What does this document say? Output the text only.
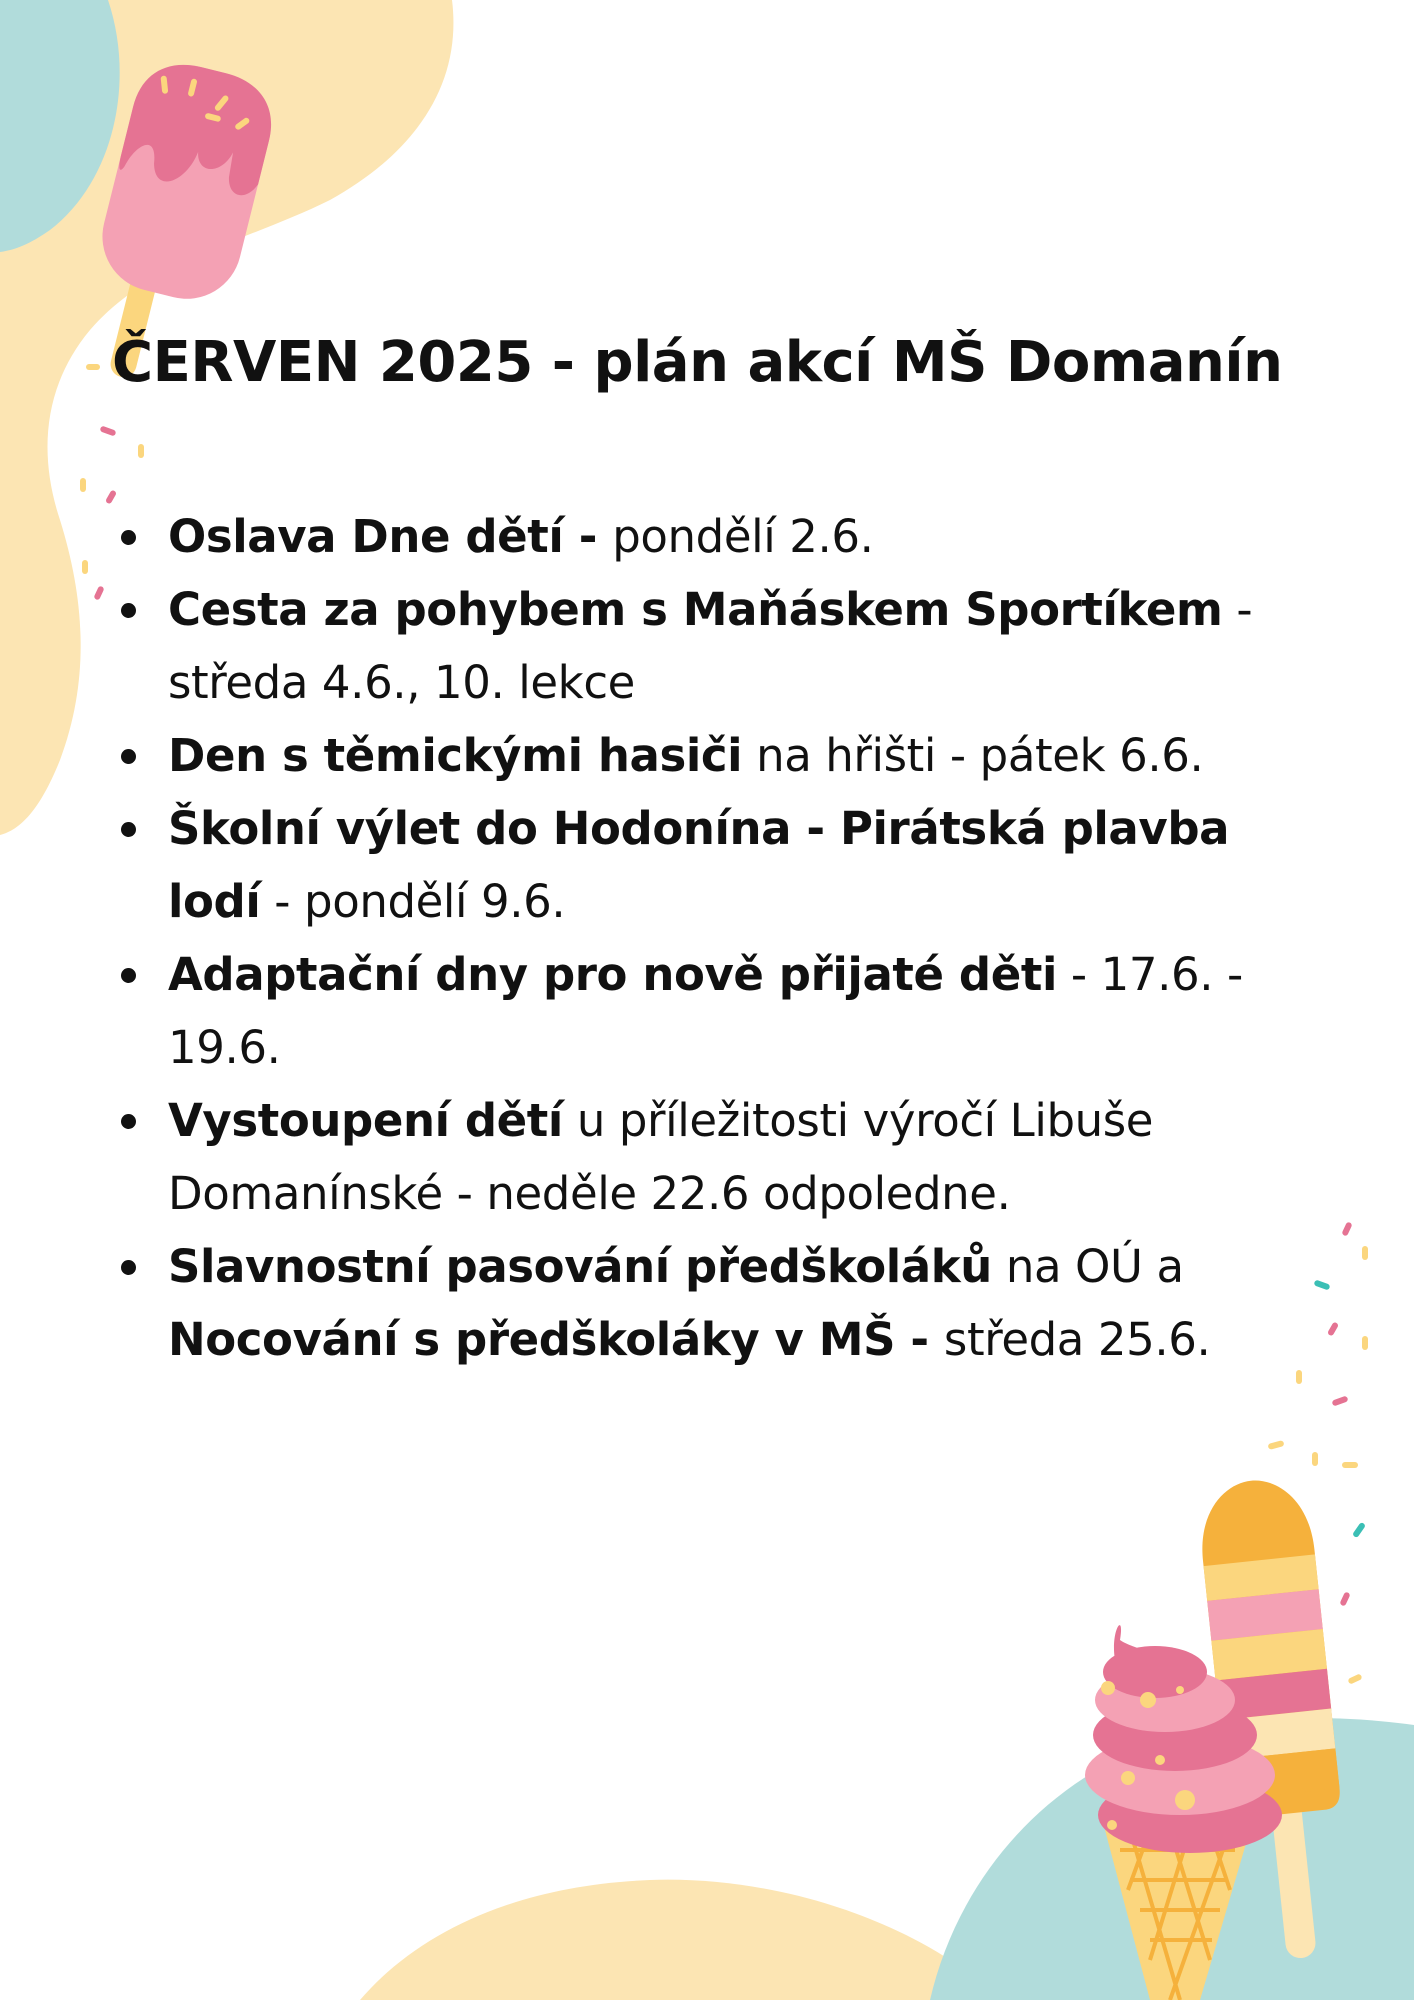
ČERVEN 2025 - plán akcí MŠ Domanín
Oslava Dne dětí - pondělí 2.6.
Cesta za pohybem s Maňáskem Sportíkem - středa 4.6., 10. lekce
Den s těmickými hasiči na hřišti - pátek 6.6.
Školní výlet do Hodonína - Pirátská plavba lodí - pondělí 9.6.
Adaptační dny pro nově přijaté děti - 17.6. - 19.6.
Vystoupení dětí u příležitosti výročí Libuše Domanínské - neděle 22.6 odpoledne.
Slavnostní pasování předškoláků na OÚ a Nocování s předškoláky v MŠ - středa 25.6.
